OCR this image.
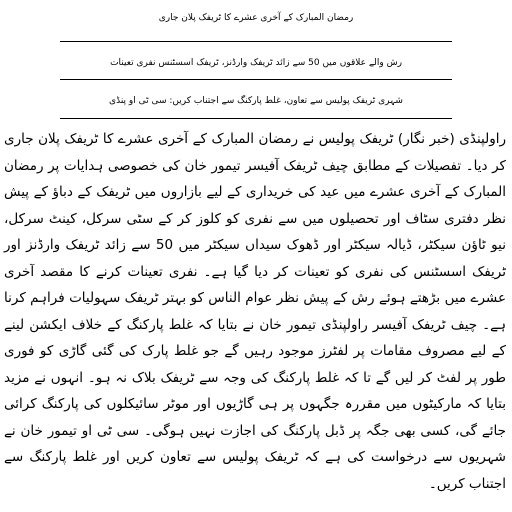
رمضان المبارک کے آخری عشرے کا ٹریفک پلان جاری
رش والے علاقوں میں 50 سے زائد ٹریفک وارڈنز، ٹریفک اسسٹنس نفری تعینات
شہری ٹریفک پولیس سے تعاون، غلط پارکنگ سے اجتناب کریں: سی ٹی او پنڈی

راولپنڈی (خبر نگار) ٹریفک پولیس نے رمضان المبارک کے آخری عشرے کا ٹریفک پلان جاری کر دیا۔ تفصیلات کے مطابق چیف ٹریفک آفیسر تیمور خان کی خصوصی ہدایات پر رمضان المبارک کے آخری عشرے میں عید کی خریداری کے لیے بازاروں میں ٹریفک کے دباؤ کے پیش نظر دفتری سٹاف اور تحصیلوں میں سے نفری کو کلوز کر کے سٹی سرکل، کینٹ سرکل، نیو ٹاؤن سیکٹر، ڈیالہ سیکٹر اور ڈھوک سیداں سیکٹر میں 50 سے زائد ٹریفک وارڈنز اور ٹریفک اسسٹنس کی نفری کو تعینات کر دیا گیا ہے۔ نفری تعینات کرنے کا مقصد آخری عشرے میں بڑھتے ہوئے رش کے پیش نظر عوام الناس کو بہتر ٹریفک سہولیات فراہم کرنا ہے۔ چیف ٹریفک آفیسر راولپنڈی تیمور خان نے بتایا کہ غلط پارکنگ کے خلاف ایکشن لینے کے لیے مصروف مقامات پر لفٹرز موجود رہیں گے جو غلط پارک کی گئی گاڑی کو فوری طور پر لفٹ کر لیں گے تا کہ غلط پارکنگ کی وجہ سے ٹریفک بلاک نہ ہو۔ انہوں نے مزید بتایا کہ مارکیٹوں میں مقررہ جگہوں پر ہی گاڑیوں اور موٹر سائیکلوں کی پارکنگ کرائی جائے گی، کسی بھی جگہ پر ڈبل پارکنگ کی اجازت نہیں ہوگی۔ سی ٹی او تیمور خان نے شہریوں سے درخواست کی ہے کہ ٹریفک پولیس سے تعاون کریں اور غلط پارکنگ سے اجتناب کریں۔
